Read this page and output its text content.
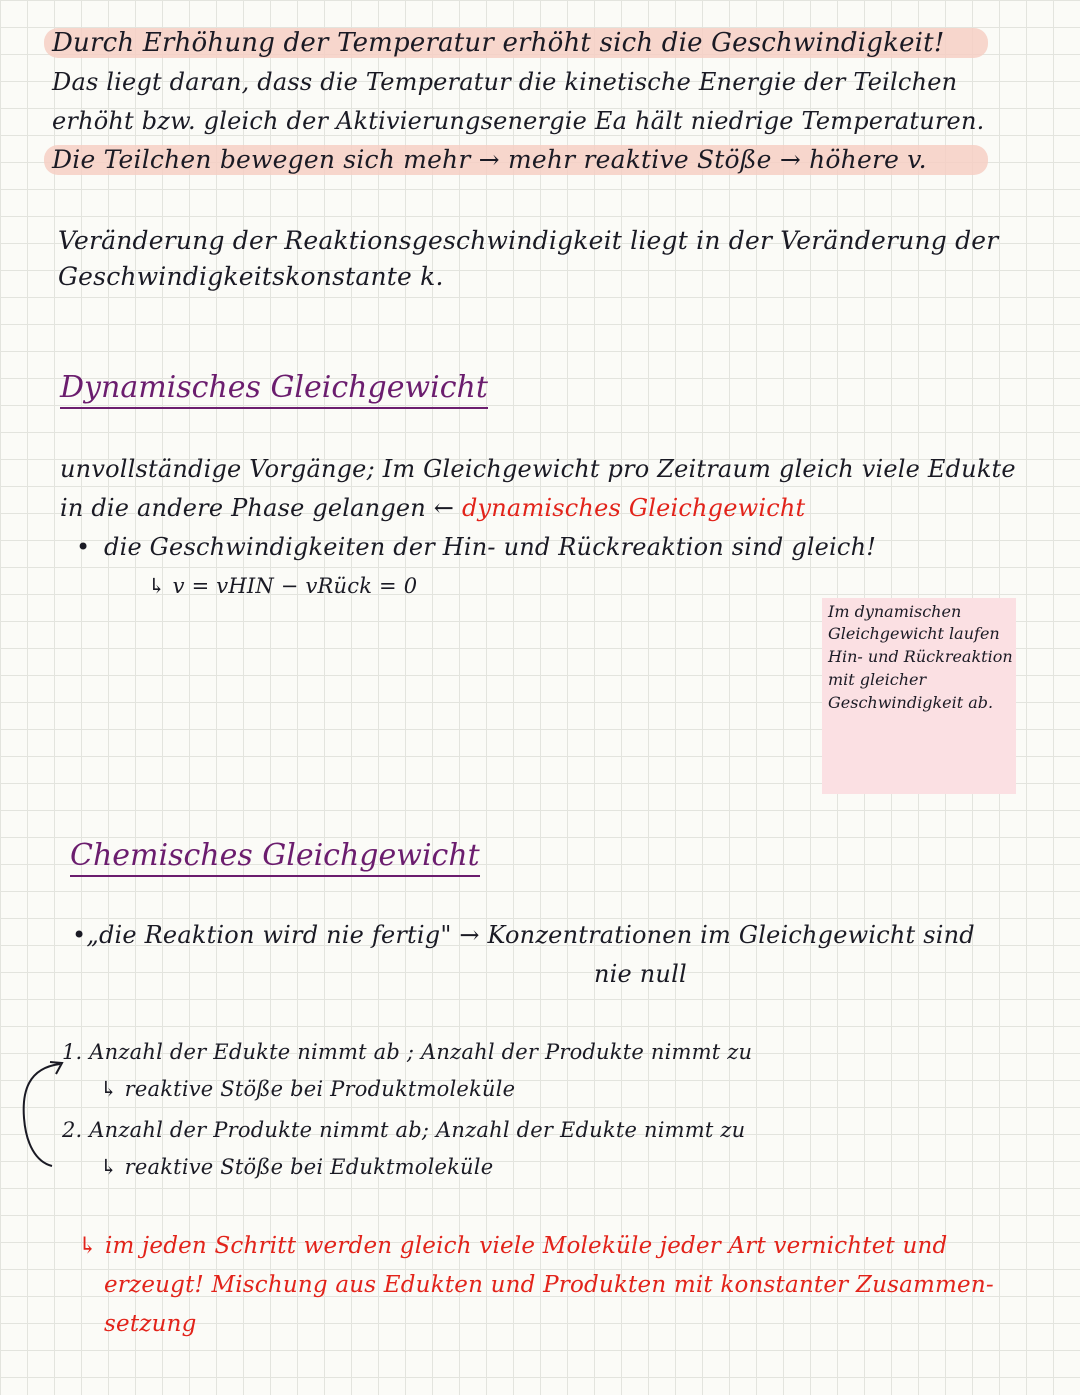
Durch Erhöhung der Temperatur erhöht sich die Geschwindigkeit!
Das liegt daran, dass die Temperatur die kinetische Energie der Teilchen
erhöht bzw. gleich der Aktivierungsenergie Ea hält niedrige Temperaturen.
Die Teilchen bewegen sich mehr → mehr reaktive Stöße → höhere v.
Veränderung der Reaktionsgeschwindigkeit liegt in der Veränderung der
Geschwindigkeitskonstante k.
Dynamisches Gleichgewicht
unvollständige Vorgänge; Im Gleichgewicht pro Zeitraum gleich viele Edukte
in die andere Phase gelangen ← dynamisches Gleichgewicht
• die Geschwindigkeiten der Hin- und Rückreaktion sind gleich!
↳ v = vHIN − vRück = 0
Im dynamischen
Gleichgewicht laufen
Hin- und Rückreaktion
mit gleicher
Geschwindigkeit ab.
Chemisches Gleichgewicht
•„die Reaktion wird nie fertig" → Konzentrationen im Gleichgewicht sind
nie null
1. Anzahl der Edukte nimmt ab ; Anzahl der Produkte nimmt zu
↳ reaktive Stöße bei Produktmoleküle
2. Anzahl der Produkte nimmt ab; Anzahl der Edukte nimmt zu
↳ reaktive Stöße bei Eduktmoleküle
↳ im jeden Schritt werden gleich viele Moleküle jeder Art vernichtet und
erzeugt! Mischung aus Edukten und Produkten mit konstanter Zusammen-
setzung
